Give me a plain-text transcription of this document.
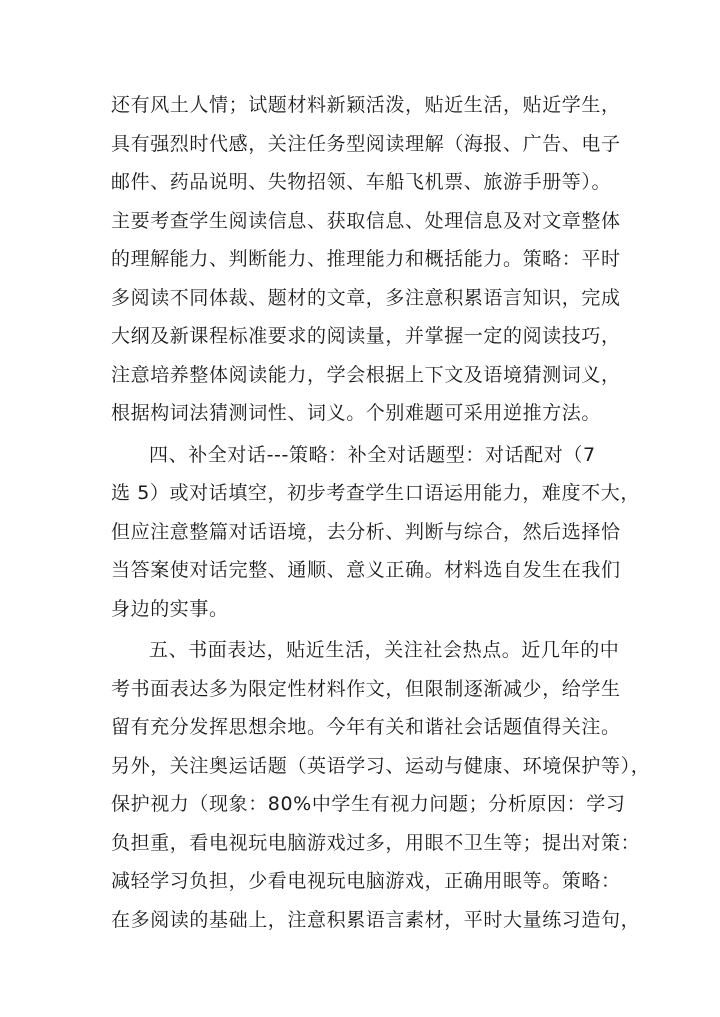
还有风土人情；试题材料新颖活泼，贴近生活，贴近学生，
具有强烈时代感，关注任务型阅读理解（海报、广告、电子
邮件、药品说明、失物招领、车船飞机票、旅游手册等）。
主要考查学生阅读信息、获取信息、处理信息及对文章整体
的理解能力、判断能力、推理能力和概括能力。策略：平时
多阅读不同体裁、题材的文章，多注意积累语言知识，完成
大纲及新课程标准要求的阅读量，并掌握一定的阅读技巧，
注意培养整体阅读能力，学会根据上下文及语境猜测词义，
根据构词法猜测词性、词义。个别难题可采用逆推方法。
四、补全对话---策略：补全对话题型：对话配对（7
选 5）或对话填空，初步考查学生口语运用能力，难度不大，
但应注意整篇对话语境，去分析、判断与综合，然后选择恰
当答案使对话完整、通顺、意义正确。材料选自发生在我们
身边的实事。
五、书面表达，贴近生活，关注社会热点。近几年的中
考书面表达多为限定性材料作文，但限制逐渐减少，给学生
留有充分发挥思想余地。今年有关和谐社会话题值得关注。
另外，关注奥运话题（英语学习、运动与健康、环境保护等），
保护视力（现象：80%中学生有视力问题；分析原因：学习
负担重，看电视玩电脑游戏过多，用眼不卫生等；提出对策：
减轻学习负担，少看电视玩电脑游戏，正确用眼等。策略：
在多阅读的基础上，注意积累语言素材，平时大量练习造句，
